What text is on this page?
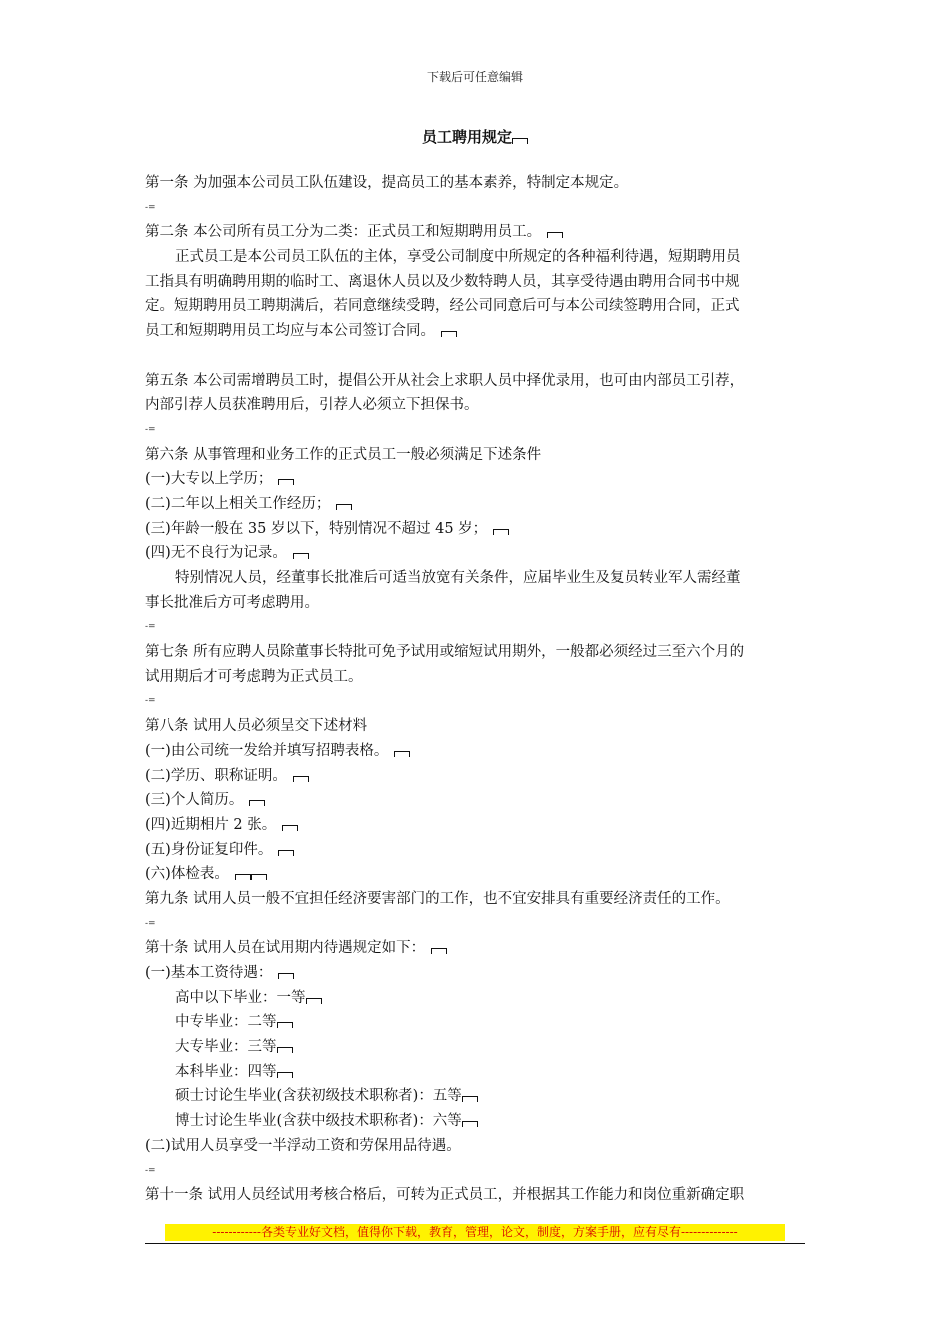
下载后可任意编辑
员工聘用规定
第一条 为加强本公司员工队伍建设，提高员工的基本素养，特制定本规定。
-=
第二条 本公司所有员工分为二类：正式员工和短期聘用员工。
正式员工是本公司员工队伍的主体，享受公司制度中所规定的各种福利待遇，短期聘用员
工指具有明确聘用期的临时工、离退休人员以及少数特聘人员，其享受待遇由聘用合同书中规
定。短期聘用员工聘期满后，若同意继续受聘，经公司同意后可与本公司续签聘用合同，正式
员工和短期聘用员工均应与本公司签订合同。
第五条 本公司需增聘员工时，提倡公开从社会上求职人员中择优录用，也可由内部员工引荐，
内部引荐人员获准聘用后，引荐人必须立下担保书。
-=
第六条 从事管理和业务工作的正式员工一般必须满足下述条件
(一)大专以上学历；
(二)二年以上相关工作经历；
(三)年龄一般在 35 岁以下，特别情况不超过 45 岁；
(四)无不良行为记录。
特别情况人员，经董事长批准后可适当放宽有关条件，应届毕业生及复员转业军人需经董
事长批准后方可考虑聘用。
-=
第七条 所有应聘人员除董事长特批可免予试用或缩短试用期外，一般都必须经过三至六个月的
试用期后才可考虑聘为正式员工。
-=
第八条 试用人员必须呈交下述材料
(一)由公司统一发给并填写招聘表格。
(二)学历、职称证明。
(三)个人简历。
(四)近期相片 2 张。
(五)身份证复印件。
(六)体检表。
第九条 试用人员一般不宜担任经济要害部门的工作，也不宜安排具有重要经济责任的工作。
-=
第十条 试用人员在试用期内待遇规定如下：
(一)基本工资待遇：
高中以下毕业：一等
中专毕业：二等
大专毕业：三等
本科毕业：四等
硕士讨论生毕业(含获初级技术职称者)：五等
博士讨论生毕业(含获中级技术职称者)：六等
(二)试用人员享受一半浮动工资和劳保用品待遇。
-=
第十一条 试用人员经试用考核合格后，可转为正式员工，并根据其工作能力和岗位重新确定职
------------各类专业好文档，值得你下载，教育，管理，论文，制度，方案手册，应有尽有--------------
